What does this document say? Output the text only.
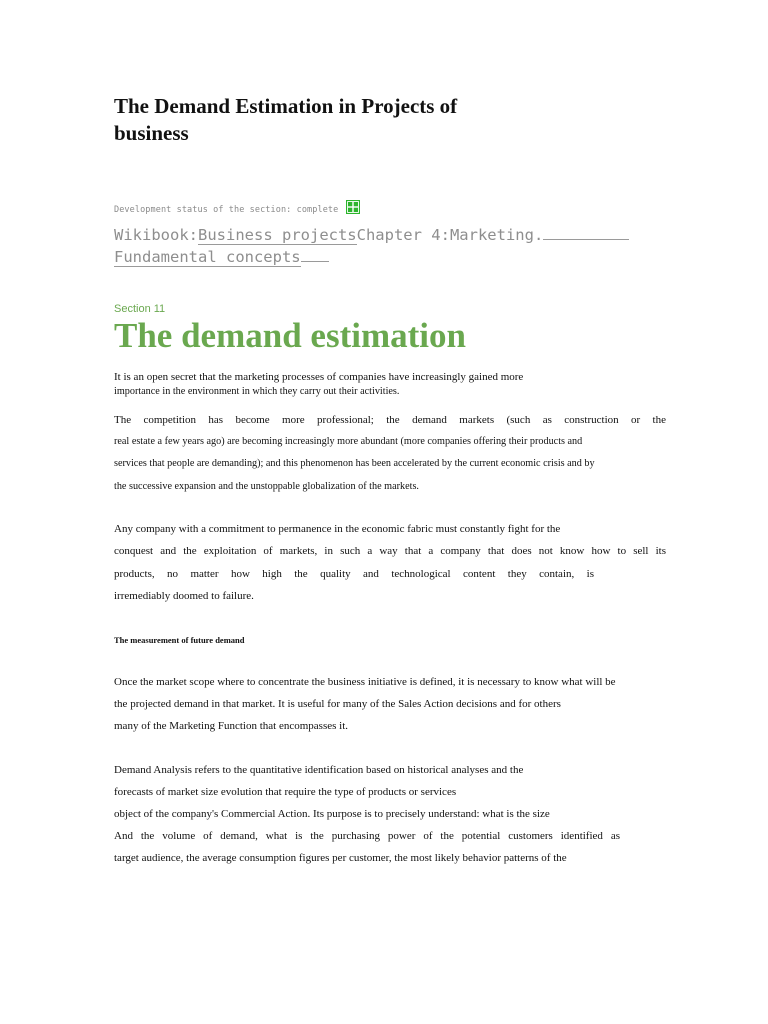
The Demand Estimation in Projects of business
Development status of the section: complete
Wikibook:Business projectsChapter 4:Marketing.
Fundamental concepts
Section 11
The demand estimation
It is an open secret that the marketing processes of companies have increasingly gained more
importance in the environment in which they carry out their activities.
The competition has become more professional; the demand markets (such as construction or the
real estate a few years ago) are becoming increasingly more abundant (more companies offering their products and
services that people are demanding); and this phenomenon has been accelerated by the current economic crisis and by
the successive expansion and the unstoppable globalization of the markets.
Any company with a commitment to permanence in the economic fabric must constantly fight for the
conquest and the exploitation of markets, in such a way that a company that does not know how to sell its
products, no matter how high the quality and technological content they contain, is
irremediably doomed to failure.
The measurement of future demand
Once the market scope where to concentrate the business initiative is defined, it is necessary to know what will be
the projected demand in that market. It is useful for many of the Sales Action decisions and for others
many of the Marketing Function that encompasses it.
Demand Analysis refers to the quantitative identification based on historical analyses and the
forecasts of market size evolution that require the type of products or services
object of the company's Commercial Action. Its purpose is to precisely understand: what is the size
And the volume of demand, what is the purchasing power of the potential customers identified as
target audience, the average consumption figures per customer, the most likely behavior patterns of the
